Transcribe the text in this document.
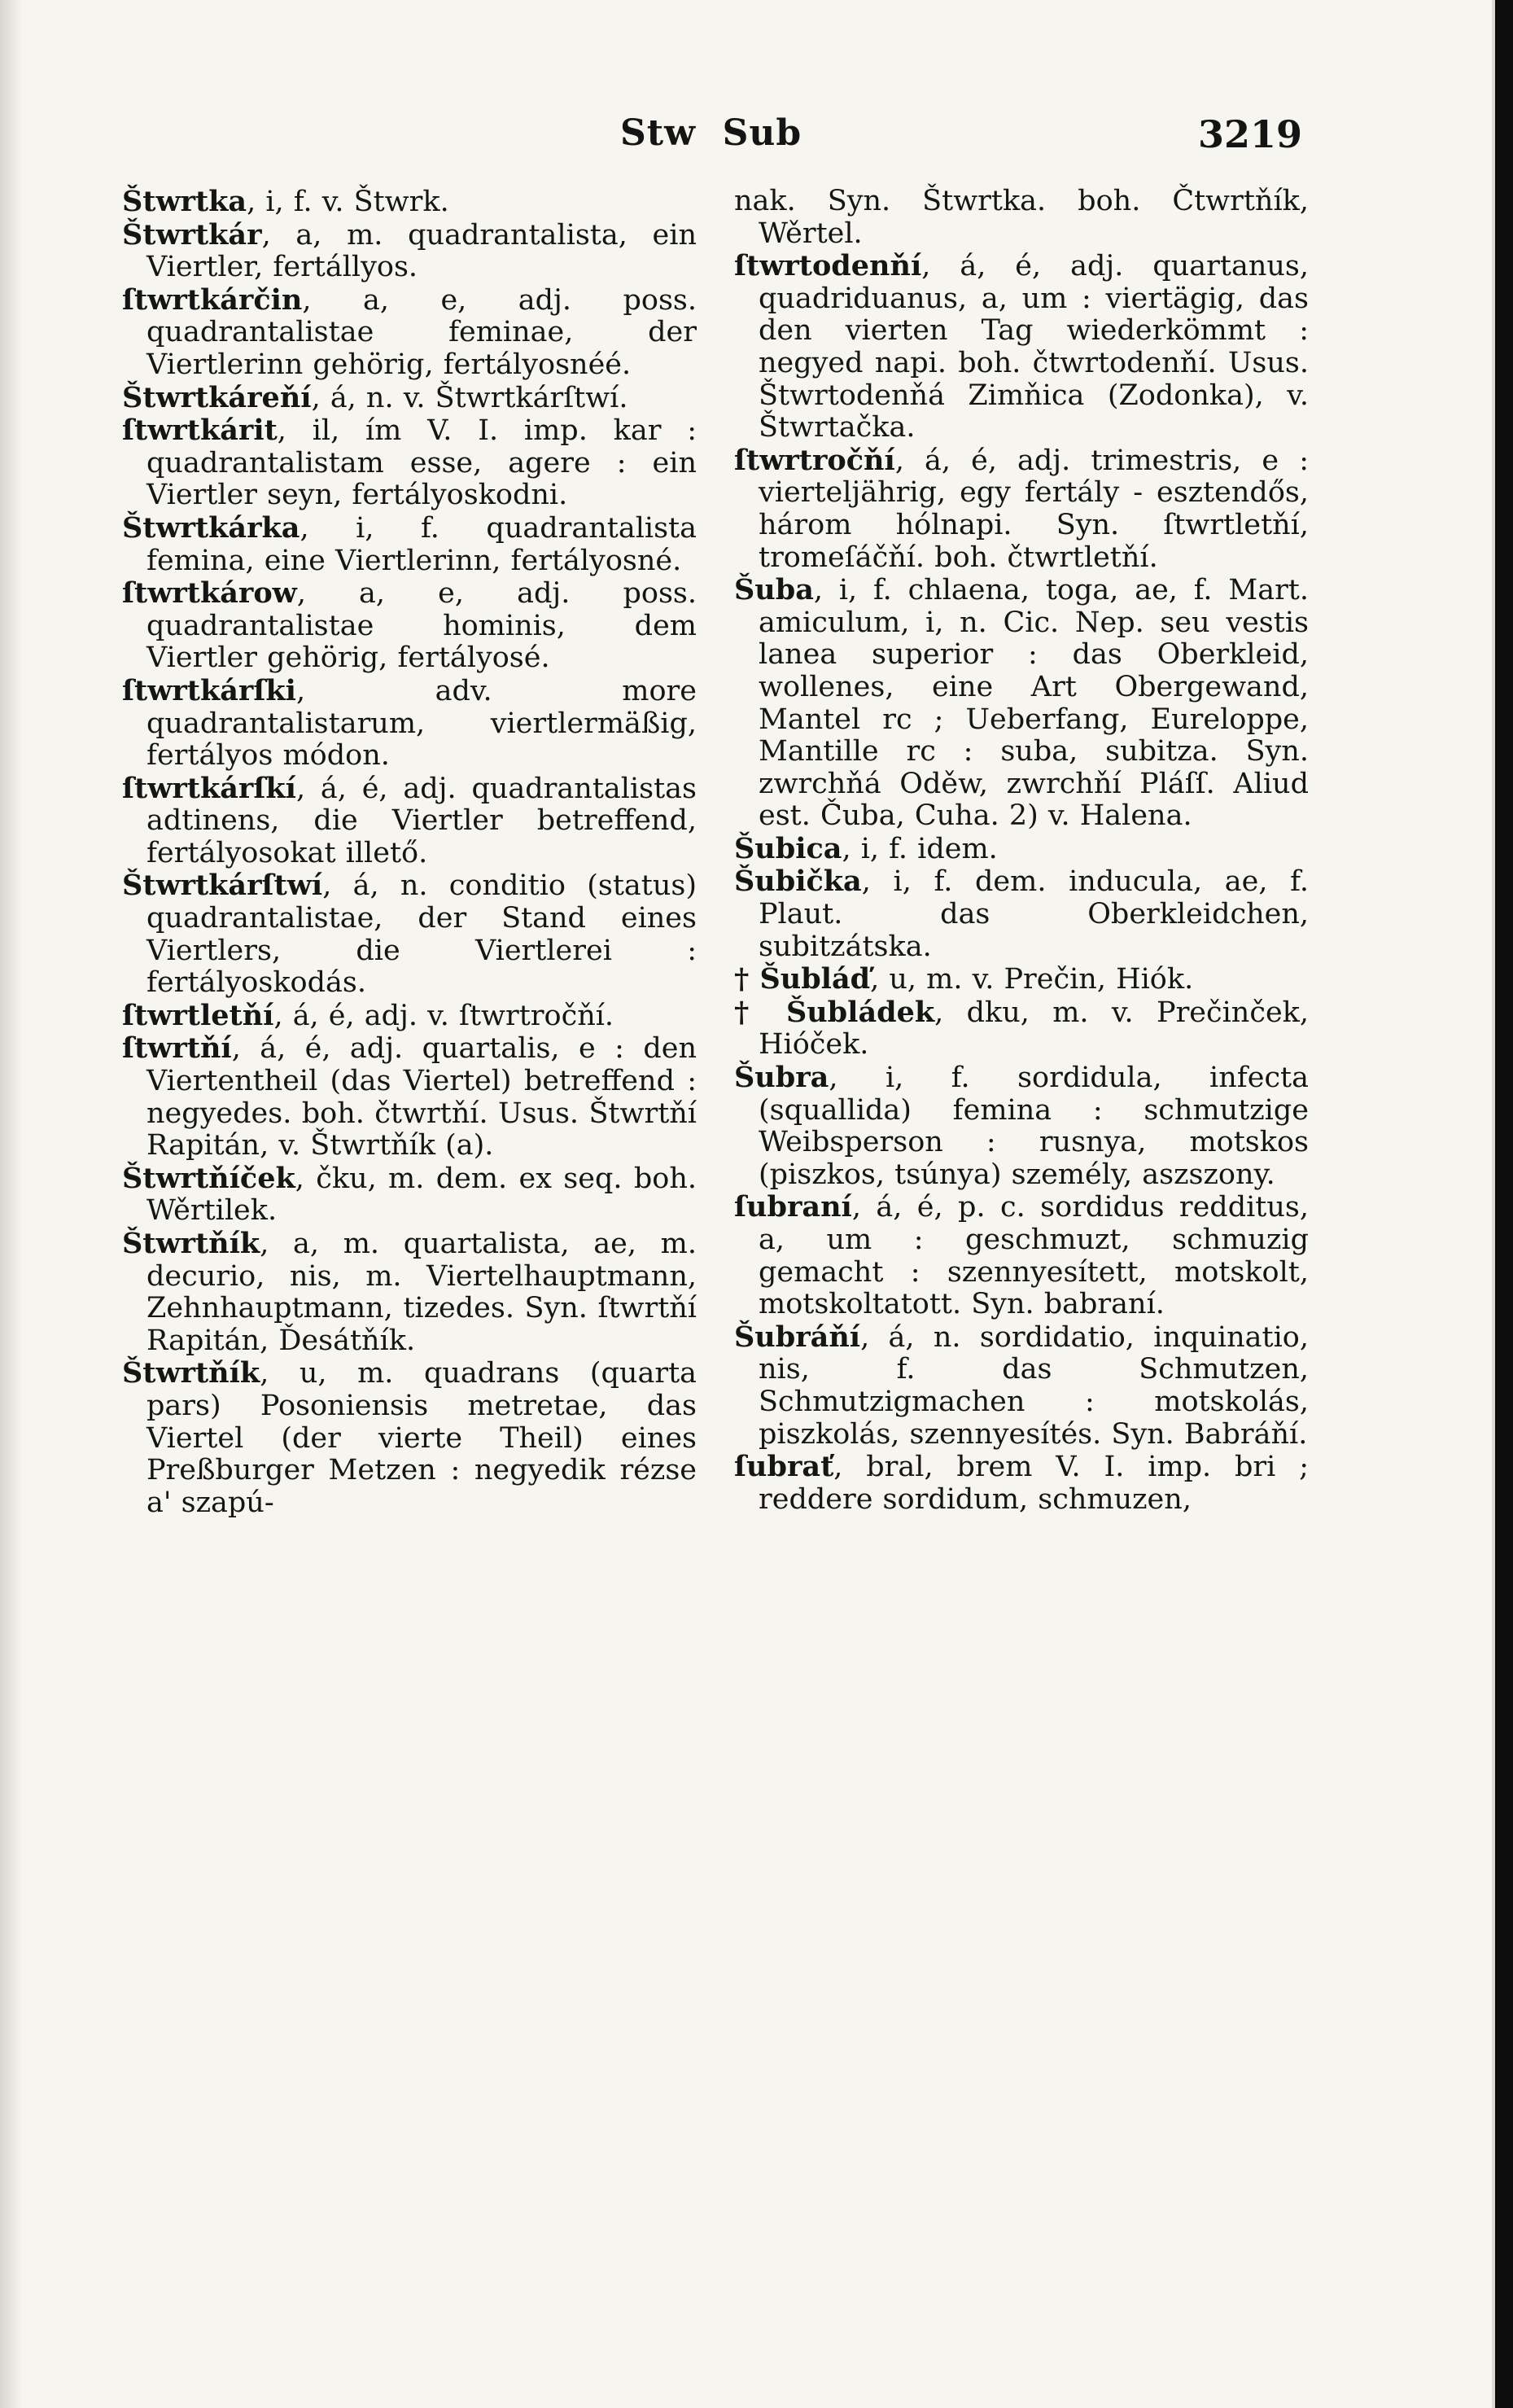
Stw  Sub	3219

Štwrtka, i, f. v. Štwrk.

Štwrtkár, a, m. quadrantalista, ein Viertler, fertállyos.

ſtwrtkárčin, a, e, adj. poss. quadrantalistae feminae, der Viertlerinn gehörig, fertályosnéé.

Štwrtkáreňí, á, n. v. Štwrtkárſtwí.

ſtwrtkárit, il, ím V. I. imp. kar : quadrantalistam esse, agere : ein Viertler seyn, fertályoskodni.

Štwrtkárka, i, f. quadrantalista femina, eine Viertlerinn, fertályosné.

ſtwrtkárow, a, e, adj. poss. quadrantalistae hominis, dem Viertler gehörig, fertályosé.

ſtwrtkárſki, adv. more quadrantalistarum, viertlermäßig, fertályos módon.

ſtwrtkárſkí, á, é, adj. quadrantalistas adtinens, die Viertler betreffend, fertályosokat illető.

Štwrtkárſtwí, á, n. conditio (status) quadrantalistae, der Stand eines Viertlers, die Viertlerei : fertályoskodás.

ſtwrtletňí, á, é, adj. v. ſtwrtročňí.

ſtwrtňí, á, é, adj. quartalis, e : den Viertentheil (das Viertel) betreffend : negyedes. boh. čtwrtňí. Usus. Štwrtňí Rapitán, v. Štwrtňík (a).

Štwrtňíček, čku, m. dem. ex seq. boh. Wěrtilek.

Štwrtňík, a, m. quartalista, ae, m. decurio, nis, m. Viertelhauptmann, Zehnhauptmann, tizedes. Syn. ſtwrtňí Rapitán, Ďesátňík.

Štwrtňík, u, m. quadrans (quarta pars) Posoniensis metretae, das Viertel (der vierte Theil) eines Preßburger Metzen : negyedik rézse a' szapú-

nak. Syn. Štwrtka. boh. Čtwrtňík, Wěrtel.

ſtwrtodenňí, á, é, adj. quartanus, quadriduanus, a, um : viertägig, das den vierten Tag wiederkömmt : negyed napi. boh. čtwrtodenňí. Usus. Štwrtodenňá Zimňica (Zodonka), v. Štwrtačka.

ſtwrtročňí, á, é, adj. trimestris, e : vierteljährig, egy fertály - esztendős, három hólnapi. Syn. ſtwrtletňí, tromeſáčňí. boh. čtwrtletňí.

Šuba, i, f. chlaena, toga, ae, f. Mart. amiculum, i, n. Cic. Nep. seu vestis lanea superior : das Oberkleid, wollenes, eine Art Obergewand, Mantel rc ; Ueberfang, Eureloppe, Mantille rc : suba, subitza. Syn. zwrchňá Oděw, zwrchňí Pláſſ. Aliud est. Čuba, Cuha. 2) v. Halena.

Šubica, i, f. idem.

Šubička, i, f. dem. inducula, ae, f. Plaut. das Oberkleidchen, subitzátska.

† Šubláď, u, m. v. Prečin, Hiók.

† Šubládek, dku, m. v. Prečinček, Hióček.

Šubra, i, f. sordidula, infecta (squallida) femina : schmutzige Weibsperson : rusnya, motskos (piszkos, tsúnya) személy, aszszony.

ſubraní, á, é, p. c. sordidus redditus, a, um : geschmuzt, schmuzig gemacht : szennyesített, motskolt, motskoltatott. Syn. babraní.

Šubráňí, á, n. sordidatio, inquinatio, nis, f. das Schmutzen, Schmutzigmachen : motskolás, piszkolás, szennyesítés. Syn. Babráňí.

ſubrať, bral, brem V. I. imp. bri ; reddere sordidum, schmuzen,
